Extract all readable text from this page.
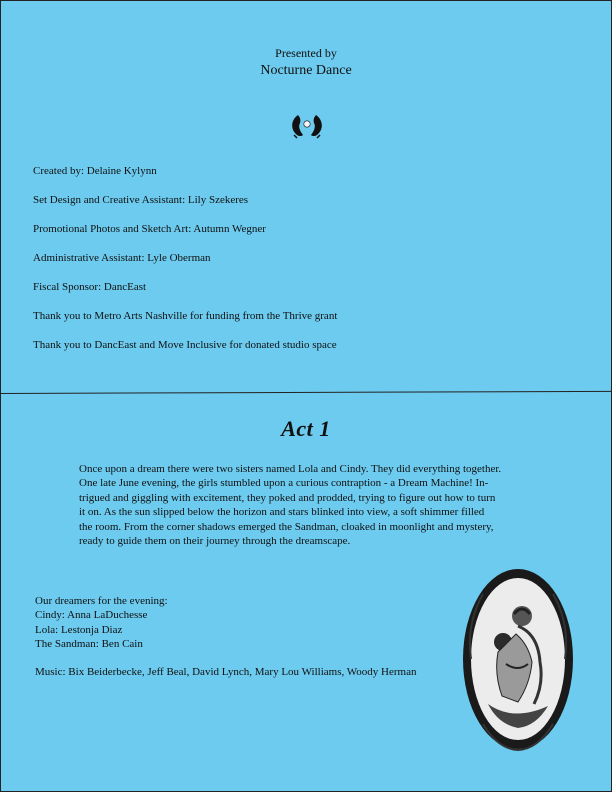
Presented by
Nocturne Dance
Created by: Delaine Kylynn
Set Design and Creative Assistant: Lily Szekeres
Promotional Photos and Sketch Art: Autumn Wegner
Administrative Assistant: Lyle Oberman
Fiscal Sponsor: DancEast
Thank you to Metro Arts Nashville for funding from the Thrive grant
Thank you to DancEast and Move Inclusive for donated studio space
Act 1
Once upon a dream there were two sisters named Lola and Cindy. They did everything together.
One late June evening, the girls stumbled upon a curious contraption - a Dream Machine! In-
trigued and giggling with excitement, they poked and prodded, trying to figure out how to turn
it on. As the sun slipped below the horizon and stars blinked into view, a soft shimmer filled
the room. From the corner shadows emerged the Sandman, cloaked in moonlight and mystery,
ready to guide them on their journey through the dreamscape.
Our dreamers for the evening:
Cindy: Anna LaDuchesse
Lola: Lestonja Diaz
The Sandman: Ben Cain
Music: Bix Beiderbecke, Jeff Beal, David Lynch, Mary Lou Williams, Woody Herman
